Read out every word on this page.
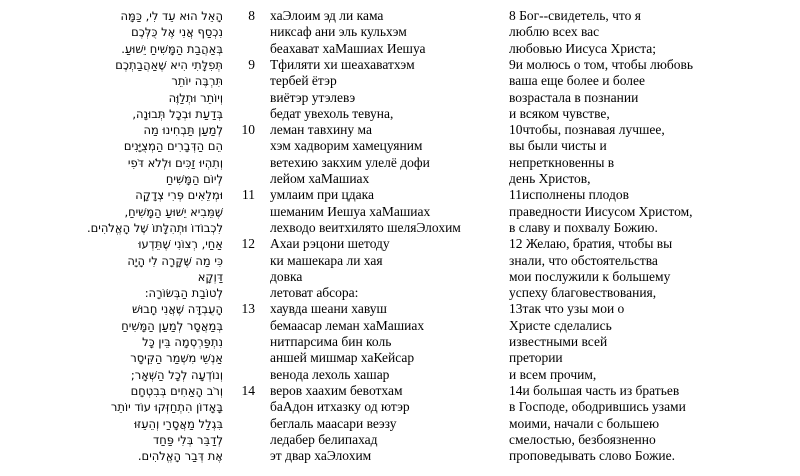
הָאֵל הוּא עֵד לִי, כַּמָּה	8 хаЭлоим эд ли кама	8 Бог--свидетель, что я
נִכְסַף אֲנִי אֶל כֻּלְּכֶם	никсаф ани эль кульхэм	люблю всех вас
בְּאַהֲבַת הַמָּשִׁיחַ יֵשׁוּעַ.	беахават хаМашиах Иешуа	любовью Иисуса Христа;
תְּפִלָּתִי הִיא שֶׁאַהֲבַתְכֶם	9 Тфиляти хи шеахаватхэм	9и молюсь о том, чтобы любовь
תִּרְבֶּה יוֹתֵר	тербей ётэр	ваша еще более и более
וְיוֹתֵר וּתְלַוֶּה	виётэр утэлевэ	возрастала в познании
בְּדַעַת וּבְכָל תְּבוּנָה,	бедат увехоль тевуна,	и всяком чувстве,
לְמַעַן תַּבְחִינוּ מַה	10 леман тавхину ма	10чтобы, познавая лучшее,
הֵם הַדְּבָרִים הַמְצֻיָּנִים	хэм хадворим хамецуяним	вы были чисты и
וְתִהְיוּ זַכִּים וּלְלֹא דֹּפִי	ветехию закхим улелё дофи	непреткновенны в
לְיוֹם הַמָּשִׁיחַ	лейом хаМашиах	день Христов,
וּמְלֵאִים פְּרִי צְדָקָה	11 умлаим при цдака	11исполнены плодов
שֶׁמֵּבִיא יֵשׁוּעַ הַמָּשִׁיחַ,	шеманим Иешуа хаМашиах	праведности Иисусом Христом,
לִכְבוֹדוֹ וּתְהִלָּתוֹ שֶׁל הָאֱלֹהִים.	лехводо веитхилято шеляЭлохим	в славу и похвалу Божию.
אַחַי, רְצוֹנִי שֶׁתֵּדְעוּ	12 Ахаи рэцони шетоду	12 Желаю, братия, чтобы вы
כִּי מַה שֶּׁקָּרָה לִי הָיָה	ки машекара ли хая	знали, что обстоятельства
דַּוְקָא	довка	мои послужили к большему
לְטוֹבַת הַבְּשׂוֹרָה:	летоват абсора:	успеху благовествования,
הָעֻבְדָּה שֶׁאֲנִי חָבוּשׁ	13 хаувда шеани хавуш	13так что узы мои о
בְּמַאֲסָר לְמַעַן הַמָּשִׁיחַ	бемаасар леман хаМашиах	Христе сделались
נִתְפַּרְסְמָה בֵּין כָּל	нитпарсима бин коль	известными всей
אַנְשֵׁי מִשְׁמַר הַקֵּיסָר	аншей мишмар хаКейсар	претории
וְנוֹדְעָה לְכָל הַשְּׁאָר;	венода лехоль хашар	и всем прочим,
וְרֹב הָאַחִים בְּבִטְחָם	14 веров хаахим бевотхам	14и большая часть из братьев
בָּאָדוֹן הִתְחַזְּקוּ עוֹד יוֹתֵר	баАдон итхазку од ютэр	в Господе, ободрившись узами
בִּגְלַל מַאֲסָרַי וְהֵעֵזּוּ	беглаль маасари веэзу	моими, начали с большею
לְדַבֵּר בְּלִי פַּחַד	ледабер белипахад	смелостью, безбоязненно
אֶת דְּבַר הָאֱלֹהִים.	эт двар хаЭлохим	проповедывать слово Божие.
